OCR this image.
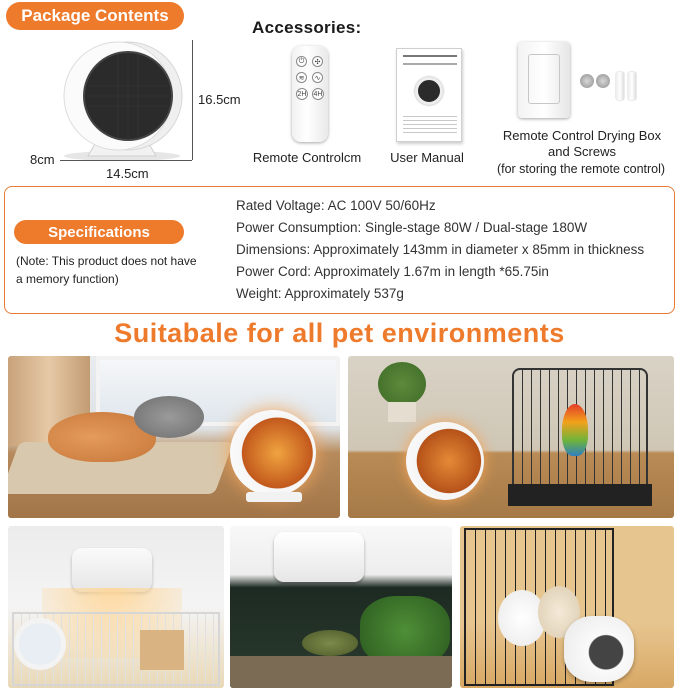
Package Contents
16.5cm
8cm
14.5cm
Accessories:
⏻	✣
≋	∿
2H 4H
Remote Controlcm	User Manual
Remote Control Drying Box
and Screws
(for storing the remote control)
Specifications
(Note: This product does not have a memory function)
Rated Voltage: AC 100V 50/60Hz
Power Consumption: Single-stage 80W / Dual-stage 180W
Dimensions: Approximately 143mm in diameter x 85mm in thickness
Power Cord: Approximately 1.67m in length *65.75in
Weight: Approximately 537g
Suitabale for all pet environments
